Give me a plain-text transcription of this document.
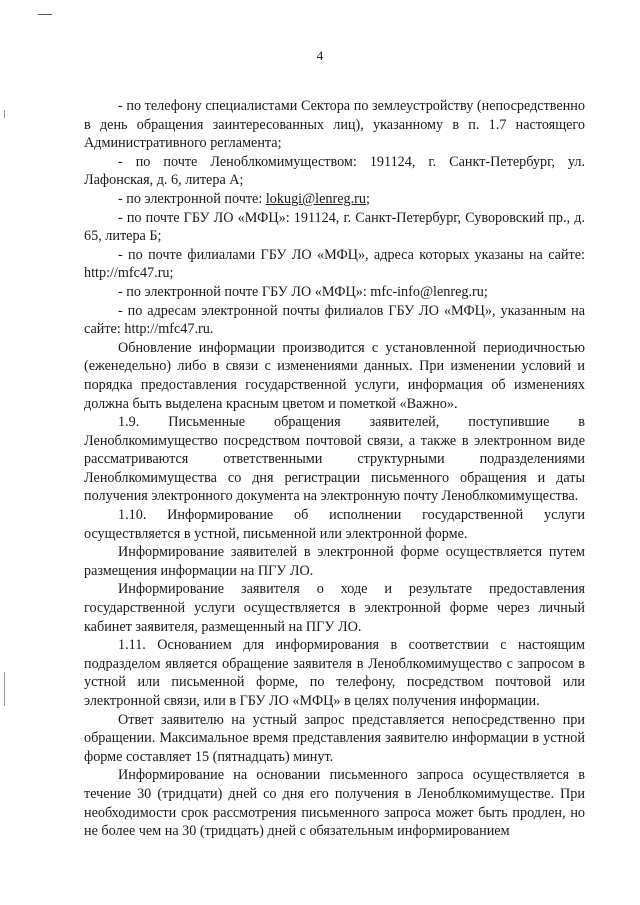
4

- по телефону специалистами Сектора по землеустройству (непосредственно в день обращения заинтересованных лиц), указанному в п. 1.7 настоящего Административного регламента;

- по почте Леноблкомимуществом: 191124, г. Санкт-Петербург, ул. Лафонская, д. 6, литера А;

- по электронной почте: lokugi@lenreg.ru;

- по почте ГБУ ЛО «МФЦ»: 191124, г. Санкт-Петербург, Суворовский пр., д. 65, литера Б;

- по почте филиалами ГБУ ЛО «МФЦ», адреса которых указаны на сайте: http://mfc47.ru;

- по электронной почте ГБУ ЛО «МФЦ»: mfc-info@lenreg.ru;

- по адресам электронной почты филиалов ГБУ ЛО «МФЦ», указанным на сайте: http://mfc47.ru.

Обновление информации производится с установленной периодичностью (еженедельно) либо в связи с изменениями данных. При изменении условий и порядка предоставления государственной услуги, информация об изменениях должна быть выделена красным цветом и пометкой «Важно».

1.9. Письменные обращения заявителей, поступившие в Леноблкомимущество посредством почтовой связи, а также в электронном виде рассматриваются ответственными структурными подразделениями Леноблкомимущества со дня регистрации письменного обращения и даты получения электронного документа на электронную почту Леноблкомимущества.

1.10. Информирование об исполнении государственной услуги осуществляется в устной, письменной или электронной форме.

Информирование заявителей в электронной форме осуществляется путем размещения информации на ПГУ ЛО.

Информирование заявителя о ходе и результате предоставления государственной услуги осуществляется в электронной форме через личный кабинет заявителя, размещенный на ПГУ ЛО.

1.11. Основанием для информирования в соответствии с настоящим подразделом является обращение заявителя в Леноблкомимущество с запросом в устной или письменной форме, по телефону, посредством почтовой или электронной связи, или в ГБУ ЛО «МФЦ» в целях получения информации.

Ответ заявителю на устный запрос представляется непосредственно при обращении. Максимальное время представления заявителю информации в устной форме составляет 15 (пятнадцать) минут.

Информирование на основании письменного запроса осуществляется в течение 30 (тридцати) дней со дня его получения в Леноблкомимуществе. При необходимости срок рассмотрения письменного запроса может быть продлен, но не более чем на 30 (тридцать) дней с обязательным информированием
